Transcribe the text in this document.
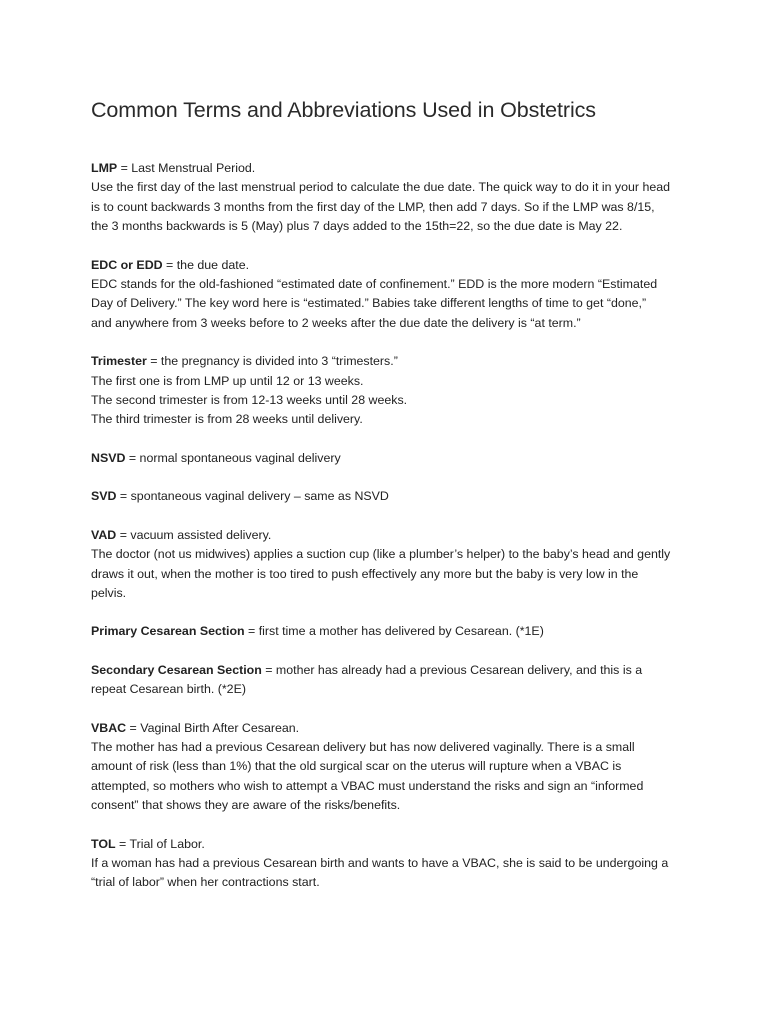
Common Terms and Abbreviations Used in Obstetrics
LMP = Last Menstrual Period.
Use the first day of the last menstrual period to calculate the due date. The quick way to do it in your head
is to count backwards 3 months from the first day of the LMP, then add 7 days. So if the LMP was 8/15,
the 3 months backwards is 5 (May) plus 7 days added to the 15th=22, so the due date is May 22.
EDC or EDD = the due date.
EDC stands for the old-fashioned “estimated date of confinement.” EDD is the more modern “Estimated
Day of Delivery.” The key word here is “estimated.” Babies take different lengths of time to get “done,”
and anywhere from 3 weeks before to 2 weeks after the due date the delivery is “at term.”
Trimester = the pregnancy is divided into 3 “trimesters.”
The first one is from LMP up until 12 or 13 weeks.
The second trimester is from 12-13 weeks until 28 weeks.
The third trimester is from 28 weeks until delivery.
NSVD = normal spontaneous vaginal delivery
SVD = spontaneous vaginal delivery – same as NSVD
VAD = vacuum assisted delivery.
The doctor (not us midwives) applies a suction cup (like a plumber’s helper) to the baby’s head and gently
draws it out, when the mother is too tired to push effectively any more but the baby is very low in the
pelvis.
Primary Cesarean Section = first time a mother has delivered by Cesarean. (*1E)
Secondary Cesarean Section = mother has already had a previous Cesarean delivery, and this is a
repeat Cesarean birth. (*2E)
VBAC = Vaginal Birth After Cesarean.
The mother has had a previous Cesarean delivery but has now delivered vaginally. There is a small
amount of risk (less than 1%) that the old surgical scar on the uterus will rupture when a VBAC is
attempted, so mothers who wish to attempt a VBAC must understand the risks and sign an “informed
consent” that shows they are aware of the risks/benefits.
TOL = Trial of Labor.
If a woman has had a previous Cesarean birth and wants to have a VBAC, she is said to be undergoing a
“trial of labor” when her contractions start.
